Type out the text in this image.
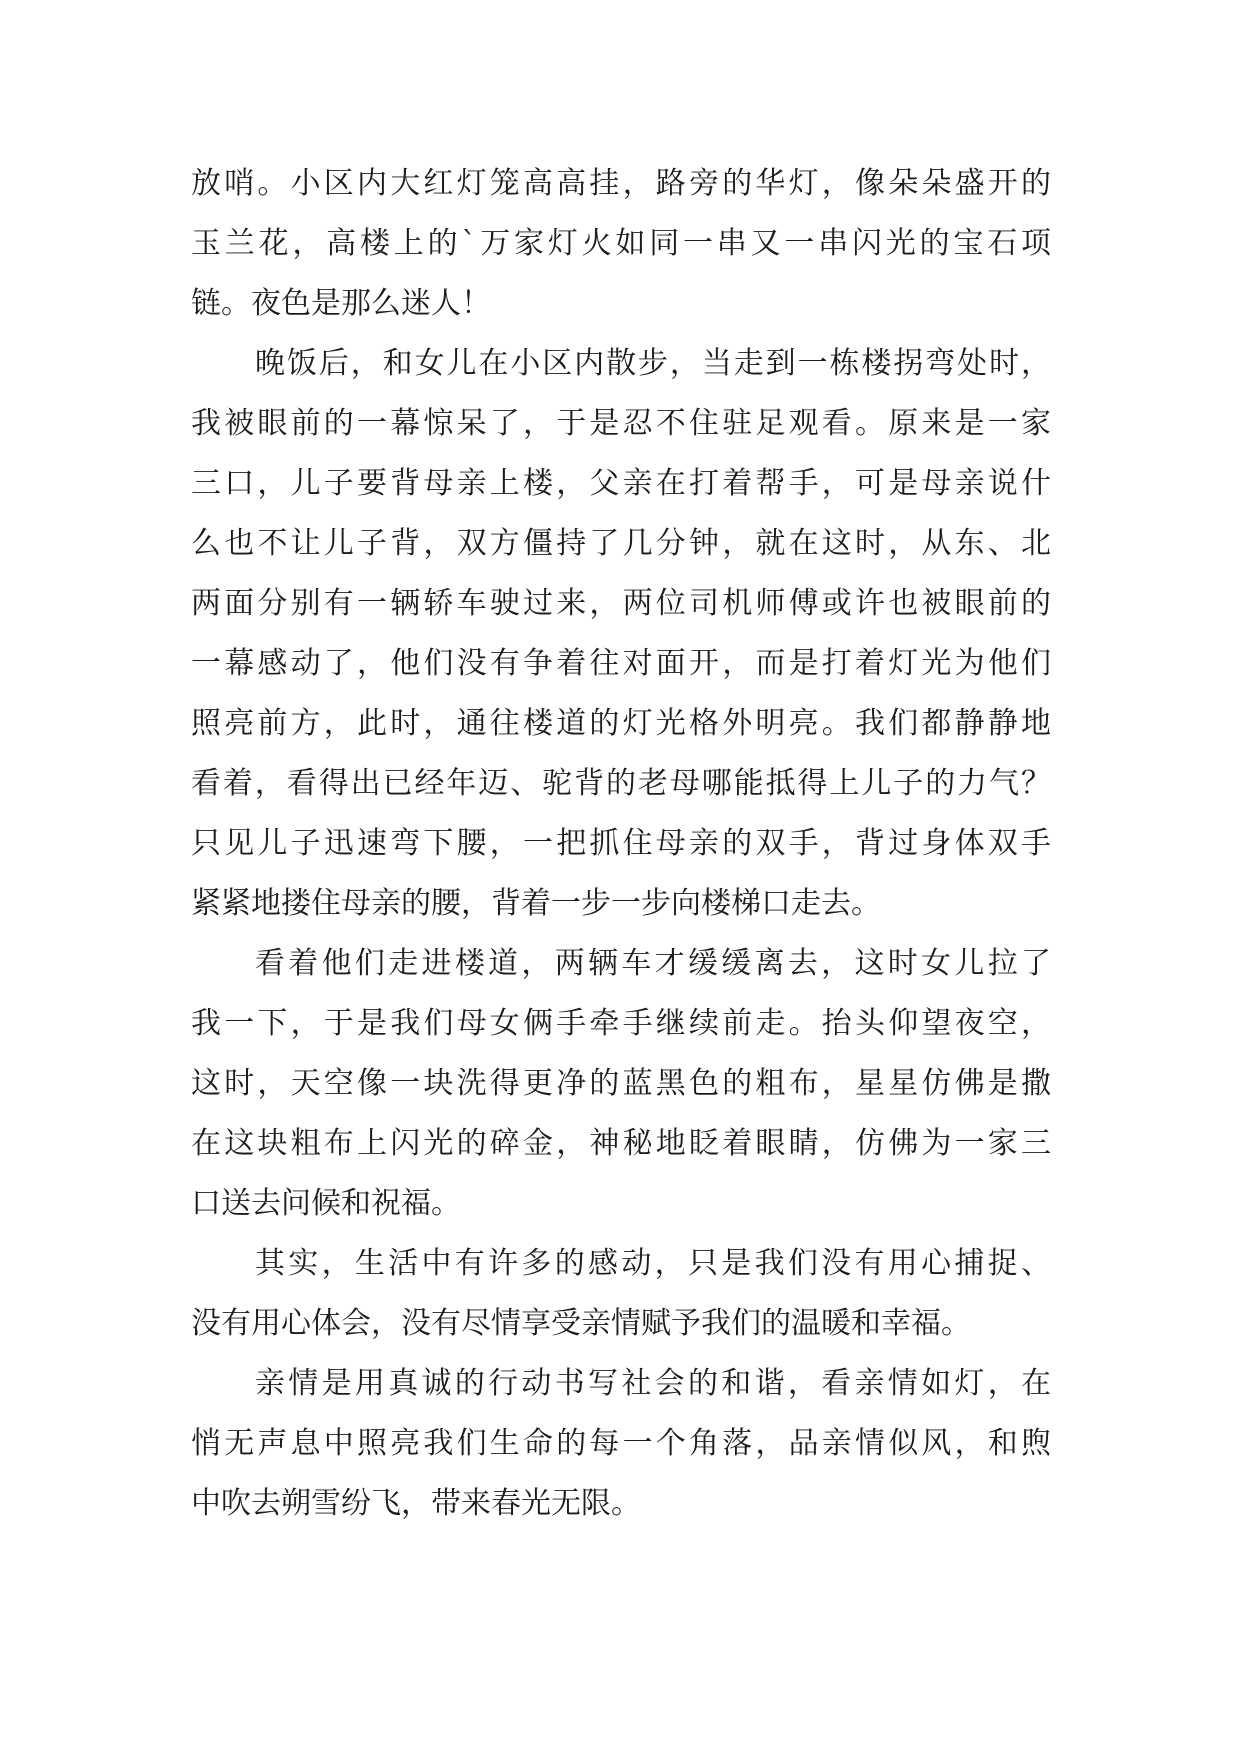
放哨。小区内大红灯笼高高挂，路旁的华灯，像朵朵盛开的
玉兰花，高楼上的`万家灯火如同一串又一串闪光的宝石项
链。夜色是那么迷人！
晚饭后，和女儿在小区内散步，当走到一栋楼拐弯处时，
我被眼前的一幕惊呆了，于是忍不住驻足观看。原来是一家
三口，儿子要背母亲上楼，父亲在打着帮手，可是母亲说什
么也不让儿子背，双方僵持了几分钟，就在这时，从东、北
两面分别有一辆轿车驶过来，两位司机师傅或许也被眼前的
一幕感动了，他们没有争着往对面开，而是打着灯光为他们
照亮前方，此时，通往楼道的灯光格外明亮。我们都静静地
看着，看得出已经年迈、驼背的老母哪能抵得上儿子的力气？
只见儿子迅速弯下腰，一把抓住母亲的双手，背过身体双手
紧紧地搂住母亲的腰，背着一步一步向楼梯口走去。
看着他们走进楼道，两辆车才缓缓离去，这时女儿拉了
我一下，于是我们母女俩手牵手继续前走。抬头仰望夜空，
这时，天空像一块洗得更净的蓝黑色的粗布，星星仿佛是撒
在这块粗布上闪光的碎金，神秘地眨着眼睛，仿佛为一家三
口送去问候和祝福。
其实，生活中有许多的感动，只是我们没有用心捕捉、
没有用心体会，没有尽情享受亲情赋予我们的温暖和幸福。
亲情是用真诚的行动书写社会的和谐，看亲情如灯，在
悄无声息中照亮我们生命的每一个角落，品亲情似风，和煦
中吹去朔雪纷飞，带来春光无限。
